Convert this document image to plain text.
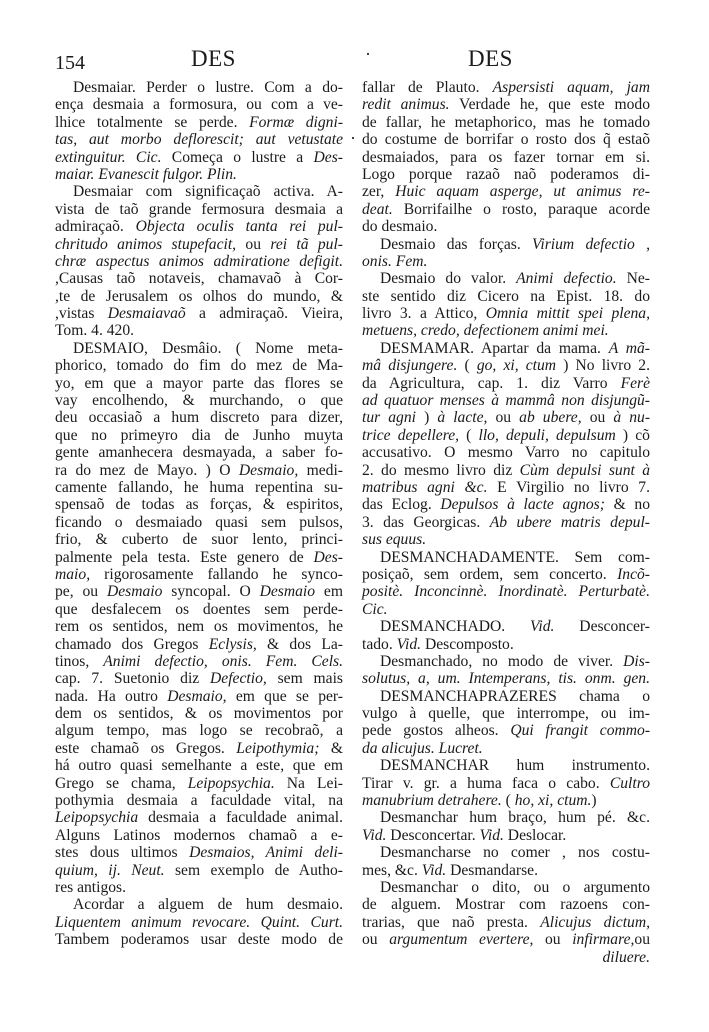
154	DES	·	DES
·
Desmaiar. Perder o lustre. Com a do-
ença desmaia a formosura, ou com a ve-
lhice totalmente se perde. Formæ digni-
tas, aut morbo deflorescit; aut vetustate
extinguitur. Cic. Começa o lustre a Des-
maiar. Evanescit fulgor. Plin.
Desmaiar com significaçaõ activa. A-
vista de taõ grande fermosura desmaia a
admiraçaõ. Objecta oculis tanta rei pul-
chritudo animos stupefacit, ou rei tã pul-
chræ aspectus animos admiratione defigit.
,Causas taõ notaveis, chamavaõ à Cor-
,te de Jerusalem os olhos do mundo, &
,vistas Desmaiavaõ a admiraçaõ. Vieira,
Tom. 4. 420.
DESMAIO, Desmâio. ( Nome meta-
phorico, tomado do fim do mez de Ma-
yo, em que a mayor parte das flores se
vay encolhendo, & murchando, o que
deu occasiaõ a hum discreto para dizer,
que no primeyro dia de Junho muyta
gente amanhecera desmayada, a saber fo-
ra do mez de Mayo. ) O Desmaio, medi-
camente fallando, he huma repentina su-
spensaõ de todas as forças, & espiritos,
ficando o desmaiado quasi sem pulsos,
frio, & cuberto de suor lento, princi-
palmente pela testa. Este genero de Des-
maio, rigorosamente fallando he synco-
pe, ou Desmaio syncopal. O Desmaio em
que desfalecem os doentes sem perde-
rem os sentidos, nem os movimentos, he
chamado dos Gregos Eclysis, & dos La-
tinos, Animi defectio, onis. Fem. Cels.
cap. 7. Suetonio diz Defectio, sem mais
nada. Ha outro Desmaio, em que se per-
dem os sentidos, & os movimentos por
algum tempo, mas logo se recobraõ, a
este chamaõ os Gregos. Leipothymia; &
há outro quasi semelhante a este, que em
Grego se chama, Leipopsychia. Na Lei-
pothymia desmaia a faculdade vital, na
Leipopsychia desmaia a faculdade animal.
Alguns Latinos modernos chamaõ a e-
stes dous ultimos Desmaios, Animi deli-
quium, ij. Neut. sem exemplo de Autho-
res antigos.
Acordar a alguem de hum desmaio.
Liquentem animum revocare. Quint. Curt.
Tambem poderamos usar deste modo de
fallar de Plauto. Aspersisti aquam, jam
redit animus. Verdade he, que este modo
de fallar, he metaphorico, mas he tomado
do costume de borrifar o rosto dos q̃ estaõ
desmaiados, para os fazer tornar em si.
Logo porque razaõ naõ poderamos di-
zer, Huic aquam asperge, ut animus re-
deat. Borrifailhe o rosto, paraque acorde
do desmaio.
Desmaio das forças. Virium defectio ,
onis. Fem.
Desmaio do valor. Animi defectio. Ne-
ste sentido diz Cicero na Epist. 18. do
livro 3. a Attico, Omnia mittit spei plena,
metuens, credo, defectionem animi mei.
DESMAMAR. Apartar da mama. A mã-
mâ disjungere. ( go, xi, ctum ) No livro 2.
da Agricultura, cap. 1. diz Varro Ferè
ad quatuor menses à mammâ non disjungũ-
tur agni ) à lacte, ou ab ubere, ou à nu-
trice depellere, ( llo, depuli, depulsum ) cõ
accusativo. O mesmo Varro no capitulo
2. do mesmo livro diz Cùm depulsi sunt à
matribus agni &c. E Virgilio no livro 7.
das Eclog. Depulsos à lacte agnos; & no
3. das Georgicas. Ab ubere matris depul-
sus equus.
DESMANCHADAMENTE. Sem com-
posiçaõ, sem ordem, sem concerto. Incõ-
positè. Inconcinnè. Inordinatè. Perturbatè.
Cic.
DESMANCHADO. Vid. Desconcer-
tado. Vid. Descomposto.
Desmanchado, no modo de viver. Dis-
solutus, a, um. Intemperans, tis. onm. gen.
DESMANCHAPRAZERES chama o
vulgo à quelle, que interrompe, ou im-
pede gostos alheos. Qui frangit commo-
da alicujus. Lucret.
DESMANCHAR hum instrumento.
Tirar v. gr. a huma faca o cabo. Cultro
manubrium detrahere. ( ho, xi, ctum.)
Desmanchar hum braço, hum pé. &c.
Vid. Desconcertar. Vid. Deslocar.
Desmancharse no comer , nos costu-
mes, &c. Vid. Desmandarse.
Desmanchar o dito, ou o argumento
de alguem. Mostrar com razoens con-
trarias, que naõ presta. Alicujus dictum,
ou argumentum evertere, ou infirmare,ou
diluere.
